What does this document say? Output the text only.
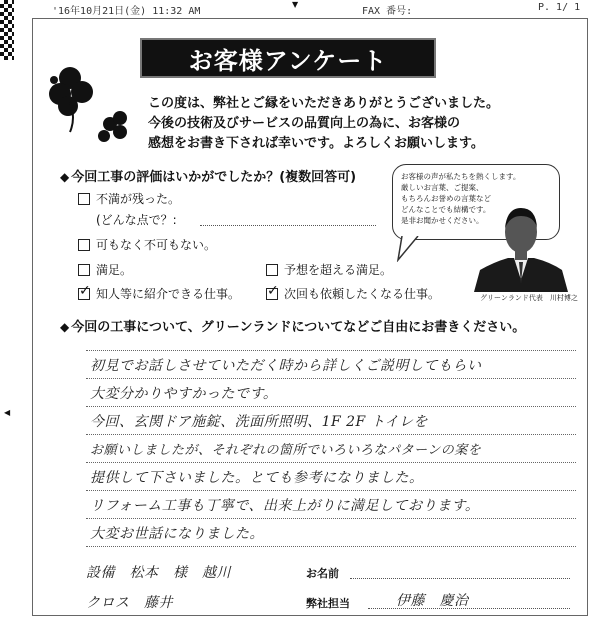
'16年10月21日(金) 11:32 AM	FAX 番号:	P. 1/ 1
お客様アンケート
この度は、弊社とご縁をいただきありがとうございました。
今後の技術及びサービスの品質向上の為に、お客様の
感想をお書き下されば幸いです。よろしくお願いします。
◆ 今回工事の評価はいかがでしたか？(複数回答可)
不満が残った。
(どんな点で？:
可もなく不可もない。
満足。	予想を超える満足。
✓
知人等に紹介できる仕事。
✓	次回も依頼したくなる仕事。
お客様の声が私たちを熱くします。
厳しいお言葉、ご提案、
もちろんお誉めの言葉など
どんなことでも結構です。
是非お聞かせください。
グリーンランド代表　川村博之
◆ 今回の工事について、グリーンランドについてなどご自由にお書きください。
初見でお話しさせていただく時から詳しくご説明してもらい
大変分かりやすかったです。
今回、玄関ドア施錠、洗面所照明、1F 2F トイレを
お願いしましたが、それぞれの箇所でいろいろなパターンの案を
提供して下さいました。とても参考になりました。
リフォーム工事も丁寧で、出来上がりに満足しております。
大変お世話になりました。
設備　松本　様　越川	お名前
クロス　藤井	弊社担当	伊藤　慶治
▼
◀
